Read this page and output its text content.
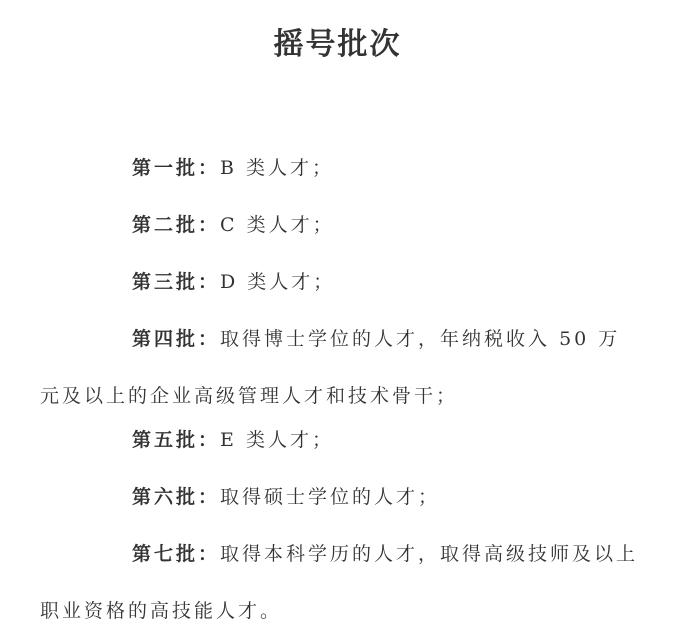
摇号批次

第一批：B 类人才；

第二批：C 类人才；

第三批：D 类人才；

第四批：取得博士学位的人才，年纳税收入 50 万元及以上的企业高级管理人才和技术骨干；

第五批：E 类人才；

第六批：取得硕士学位的人才；

第七批：取得本科学历的人才，取得高级技师及以上职业资格的高技能人才。
